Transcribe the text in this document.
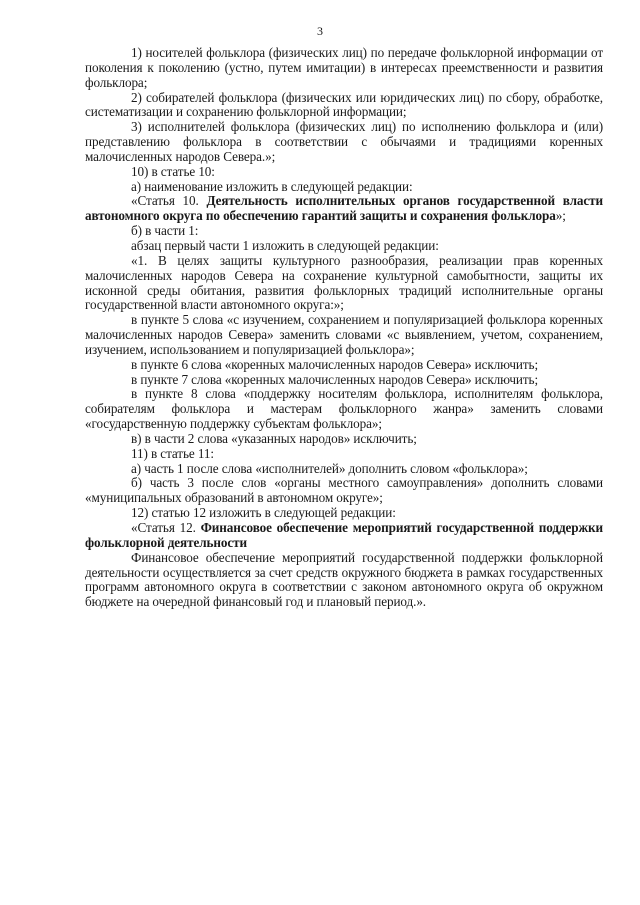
3

1) носителей фольклора (физических лиц) по передаче фольклорной информации от поколения к поколению (устно, путем имитации) в интересах преемственности и развития фольклора;

2) собирателей фольклора (физических или юридических лиц) по сбору, обработке, систематизации и сохранению фольклорной информации;

3) исполнителей фольклора (физических лиц) по исполнению фольклора и (или) представлению фольклора в соответствии с обычаями и традициями коренных малочисленных народов Севера.»;

10) в статье 10:

а) наименование изложить в следующей редакции:

«Статья 10. Деятельность исполнительных органов государственной власти автономного округа по обеспечению гарантий защиты и сохранения фольклора»;

б) в части 1:

абзац первый части 1 изложить в следующей редакции:

«1. В целях защиты культурного разнообразия, реализации прав коренных малочисленных народов Севера на сохранение культурной самобытности, защиты их исконной среды обитания, развития фольклорных традиций исполнительные органы государственной власти автономного округа:»;

в пункте 5 слова «с изучением, сохранением и популяризацией фольклора коренных малочисленных народов Севера» заменить словами «с выявлением, учетом, сохранением, изучением, использованием и популяризацией фольклора»;

в пункте 6 слова «коренных малочисленных народов Севера» исключить;

в пункте 7 слова «коренных малочисленных народов Севера» исключить;

в пункте 8 слова «поддержку носителям фольклора, исполнителям фольклора, собирателям фольклора и мастерам фольклорного жанра» заменить словами «государственную поддержку субъектам фольклора»;

в) в части 2 слова «указанных народов» исключить;

11) в статье 11:

а) часть 1 после слова «исполнителей» дополнить словом «фольклора»;

б) часть 3 после слов «органы местного самоуправления» дополнить словами «муниципальных образований в автономном округе»;

12) статью 12 изложить в следующей редакции:

«Статья 12. Финансовое обеспечение мероприятий государственной поддержки фольклорной деятельности

Финансовое обеспечение мероприятий государственной поддержки фольклорной деятельности осуществляется за счет средств окружного бюджета в рамках государственных программ автономного округа в соответствии с законом автономного округа об окружном бюджете на очередной финансовый год и плановый период.».
